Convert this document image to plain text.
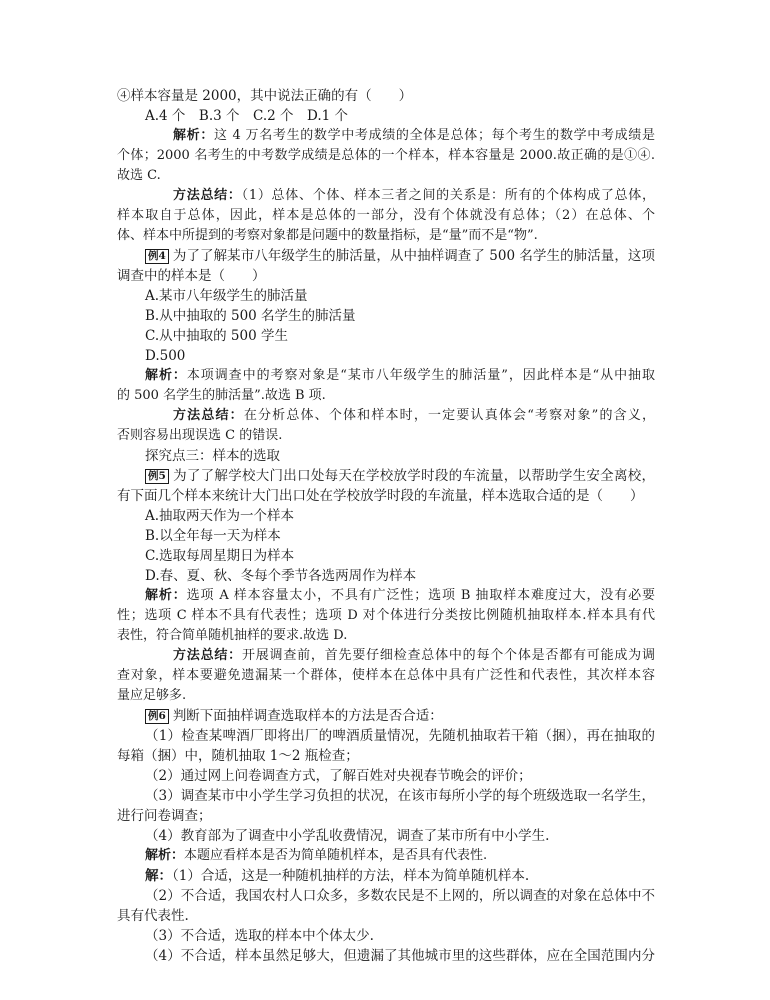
④样本容量是 2000，其中说法正确的有（　　）
A.4 个　B.3 个　C.2 个　D.1 个
解析：这 4 万名考生的数学中考成绩的全体是总体；每个考生的数学中考成绩是
个体；2000 名考生的中考数学成绩是总体的一个样本，样本容量是 2000.故正确的是①④.
故选 C.
方法总结：（1）总体、个体、样本三者之间的关系是：所有的个体构成了总体，
样本取自于总体，因此，样本是总体的一部分，没有个体就没有总体；（2）在总体、个
体、样本中所提到的考察对象都是问题中的数量指标，是“量”而不是“物”.
例4 为了了解某市八年级学生的肺活量，从中抽样调查了 500 名学生的肺活量，这项
调查中的样本是（　　）
A.某市八年级学生的肺活量
B.从中抽取的 500 名学生的肺活量
C.从中抽取的 500 学生
D.500
解析：本项调查中的考察对象是“某市八年级学生的肺活量”，因此样本是“从中抽取
的 500 名学生的肺活量”.故选 B 项.
方法总结：在分析总体、个体和样本时，一定要认真体会“考察对象”的含义，
否则容易出现误选 C 的错误.
探究点三：样本的选取
例5 为了了解学校大门出口处每天在学校放学时段的车流量，以帮助学生安全离校，
有下面几个样本来统计大门出口处在学校放学时段的车流量，样本选取合适的是（　　）
A.抽取两天作为一个样本
B.以全年每一天为样本
C.选取每周星期日为样本
D.春、夏、秋、冬每个季节各选两周作为样本
解析：选项 A 样本容量太小，不具有广泛性；选项 B 抽取样本难度过大，没有必要
性；选项 C 样本不具有代表性；选项 D 对个体进行分类按比例随机抽取样本.样本具有代
表性，符合简单随机抽样的要求.故选 D.
方法总结：开展调查前，首先要仔细检查总体中的每个个体是否都有可能成为调
查对象，样本要避免遗漏某一个群体，使样本在总体中具有广泛性和代表性，其次样本容
量应足够多.
例6 判断下面抽样调查选取样本的方法是否合适：
（1）检查某啤酒厂即将出厂的啤酒质量情况，先随机抽取若干箱（捆），再在抽取的
每箱（捆）中，随机抽取 1～2 瓶检查；
（2）通过网上问卷调查方式，了解百姓对央视春节晚会的评价；
（3）调查某市中小学生学习负担的状况，在该市每所小学的每个班级选取一名学生，
进行问卷调查；
（4）教育部为了调查中小学乱收费情况，调查了某市所有中小学生.
解析：本题应看样本是否为简单随机样本，是否具有代表性.
解：（1）合适，这是一种随机抽样的方法，样本为简单随机样本.
（2）不合适，我国农村人口众多，多数农民是不上网的，所以调查的对象在总体中不
具有代表性.
（3）不合适，选取的样本中个体太少.
（4）不合适，样本虽然足够大，但遗漏了其他城市里的这些群体，应在全国范围内分
